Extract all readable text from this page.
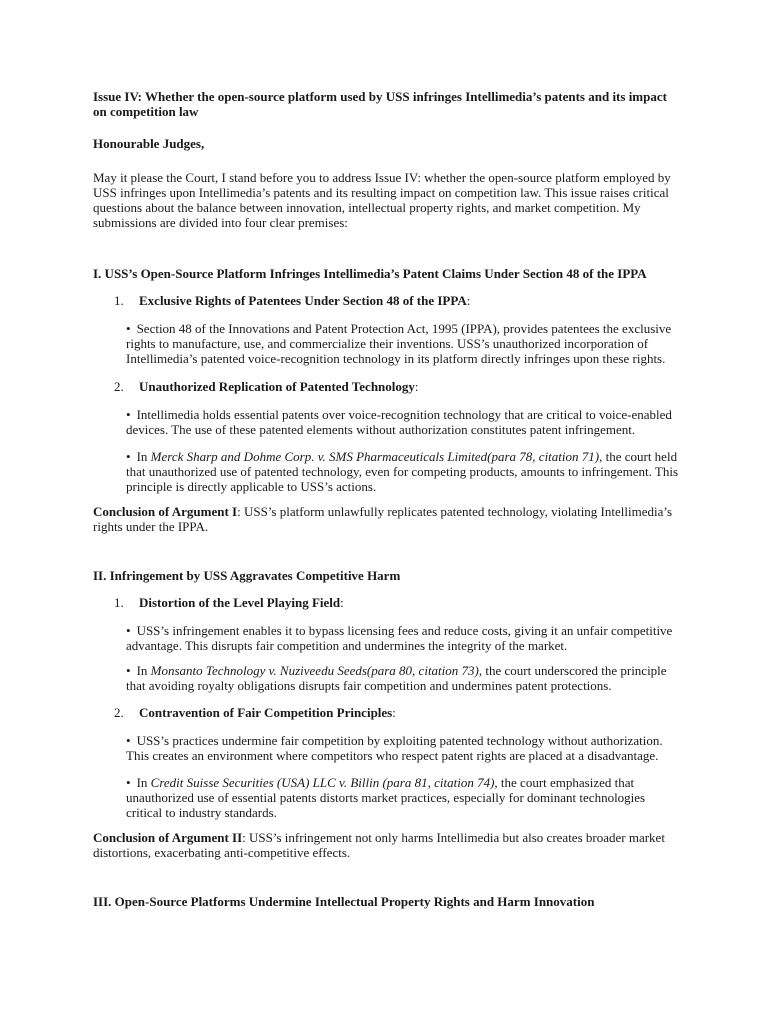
Issue IV: Whether the open-source platform used by USS infringes Intellimedia’s patents and its impact on competition law

Honourable Judges,

May it please the Court, I stand before you to address Issue IV: whether the open-source platform employed by USS infringes upon Intellimedia’s patents and its resulting impact on competition law. This issue raises critical questions about the balance between innovation, intellectual property rights, and market competition. My submissions are divided into four clear premises:

I. USS’s Open-Source Platform Infringes Intellimedia’s Patent Claims Under Section 48 of the IPPA

1. Exclusive Rights of Patentees Under Section 48 of the IPPA:

• Section 48 of the Innovations and Patent Protection Act, 1995 (IPPA), provides patentees the exclusive rights to manufacture, use, and commercialize their inventions. USS’s unauthorized incorporation of Intellimedia’s patented voice-recognition technology in its platform directly infringes upon these rights.

2. Unauthorized Replication of Patented Technology:

• Intellimedia holds essential patents over voice-recognition technology that are critical to voice-enabled devices. The use of these patented elements without authorization constitutes patent infringement.

• In Merck Sharp and Dohme Corp. v. SMS Pharmaceuticals Limited(para 78, citation 71), the court held that unauthorized use of patented technology, even for competing products, amounts to infringement. This principle is directly applicable to USS’s actions.

Conclusion of Argument I: USS’s platform unlawfully replicates patented technology, violating Intellimedia’s rights under the IPPA.

II. Infringement by USS Aggravates Competitive Harm

1. Distortion of the Level Playing Field:

• USS’s infringement enables it to bypass licensing fees and reduce costs, giving it an unfair competitive advantage. This disrupts fair competition and undermines the integrity of the market.

• In Monsanto Technology v. Nuziveedu Seeds(para 80, citation 73), the court underscored the principle that avoiding royalty obligations disrupts fair competition and undermines patent protections.

2. Contravention of Fair Competition Principles:

• USS’s practices undermine fair competition by exploiting patented technology without authorization. This creates an environment where competitors who respect patent rights are placed at a disadvantage.

• In Credit Suisse Securities (USA) LLC v. Billin (para 81, citation 74), the court emphasized that unauthorized use of essential patents distorts market practices, especially for dominant technologies critical to industry standards.

Conclusion of Argument II: USS’s infringement not only harms Intellimedia but also creates broader market distortions, exacerbating anti-competitive effects.

III. Open-Source Platforms Undermine Intellectual Property Rights and Harm Innovation
